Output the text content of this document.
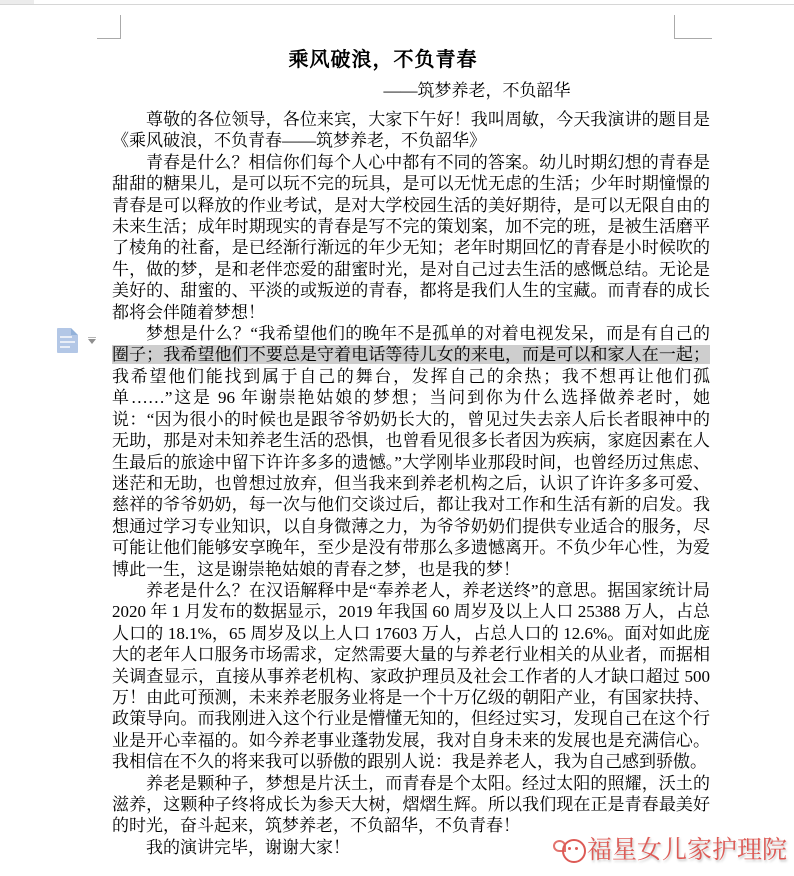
乘风破浪，不负青春
——筑梦养老，不负韶华

尊敬的各位领导，各位来宾，大家下午好！我叫周敏，今天我演讲的题目是《乘风破浪，不负青春——筑梦养老，不负韶华》

青春是什么？相信你们每个人心中都有不同的答案。幼儿时期幻想的青春是甜甜的糖果儿，是可以玩不完的玩具，是可以无忧无虑的生活；少年时期憧憬的青春是可以释放的作业考试，是对大学校园生活的美好期待，是可以无限自由的未来生活；成年时期现实的青春是写不完的策划案，加不完的班，是被生活磨平了棱角的社畜，是已经渐行渐远的年少无知；老年时期回忆的青春是小时候吹的牛，做的梦，是和老伴恋爱的甜蜜时光，是对自己过去生活的感慨总结。无论是美好的、甜蜜的、平淡的或叛逆的青春，都将是我们人生的宝藏。而青春的成长都将会伴随着梦想！

梦想是什么？“我希望他们的晚年不是孤单的对着电视发呆，而是有自己的圈子；我希望他们不要总是守着电话等待儿女的来电，而是可以和家人在一起；我希望他们能找到属于自己的舞台，发挥自己的余热；我不想再让他们孤单……”这是 96 年谢崇艳姑娘的梦想；当问到你为什么选择做养老时，她说：“因为很小的时候也是跟爷爷奶奶长大的，曾见过失去亲人后长者眼神中的无助，那是对未知养老生活的恐惧，也曾看见很多长者因为疾病，家庭因素在人生最后的旅途中留下许许多多的遗憾。”大学刚毕业那段时间，也曾经历过焦虑、迷茫和无助，也曾想过放弃，但当我来到养老机构之后，认识了许许多多可爱、慈祥的爷爷奶奶，每一次与他们交谈过后，都让我对工作和生活有新的启发。我想通过学习专业知识，以自身微薄之力，为爷爷奶奶们提供专业适合的服务，尽可能让他们能够安享晚年，至少是没有带那么多遗憾离开。不负少年心性，为爱博此一生，这是谢崇艳姑娘的青春之梦，也是我的梦！

养老是什么？在汉语解释中是“奉养老人，养老送终”的意思。据国家统计局 2020 年 1 月发布的数据显示，2019 年我国 60 周岁及以上人口 25388 万人，占总人口的 18.1%，65 周岁及以上人口 17603 万人，占总人口的 12.6%。面对如此庞大的老年人口服务市场需求，定然需要大量的与养老行业相关的从业者，而据相关调查显示，直接从事养老机构、家政护理员及社会工作者的人才缺口超过 500 万！由此可预测，未来养老服务业将是一个十万亿级的朝阳产业，有国家扶持、政策导向。而我刚进入这个行业是懵懂无知的，但经过实习，发现自己在这个行业是开心幸福的。如今养老事业蓬勃发展，我对自身未来的发展也是充满信心。我相信在不久的将来我可以骄傲的跟别人说：我是养老人，我为自己感到骄傲。

养老是颗种子，梦想是片沃土，而青春是个太阳。经过太阳的照耀，沃土的滋养，这颗种子终将成长为参天大树，熠熠生辉。所以我们现在正是青春最美好的时光，奋斗起来，筑梦养老，不负韶华，不负青春！

我的演讲完毕，谢谢大家！	福星女儿家护理院
